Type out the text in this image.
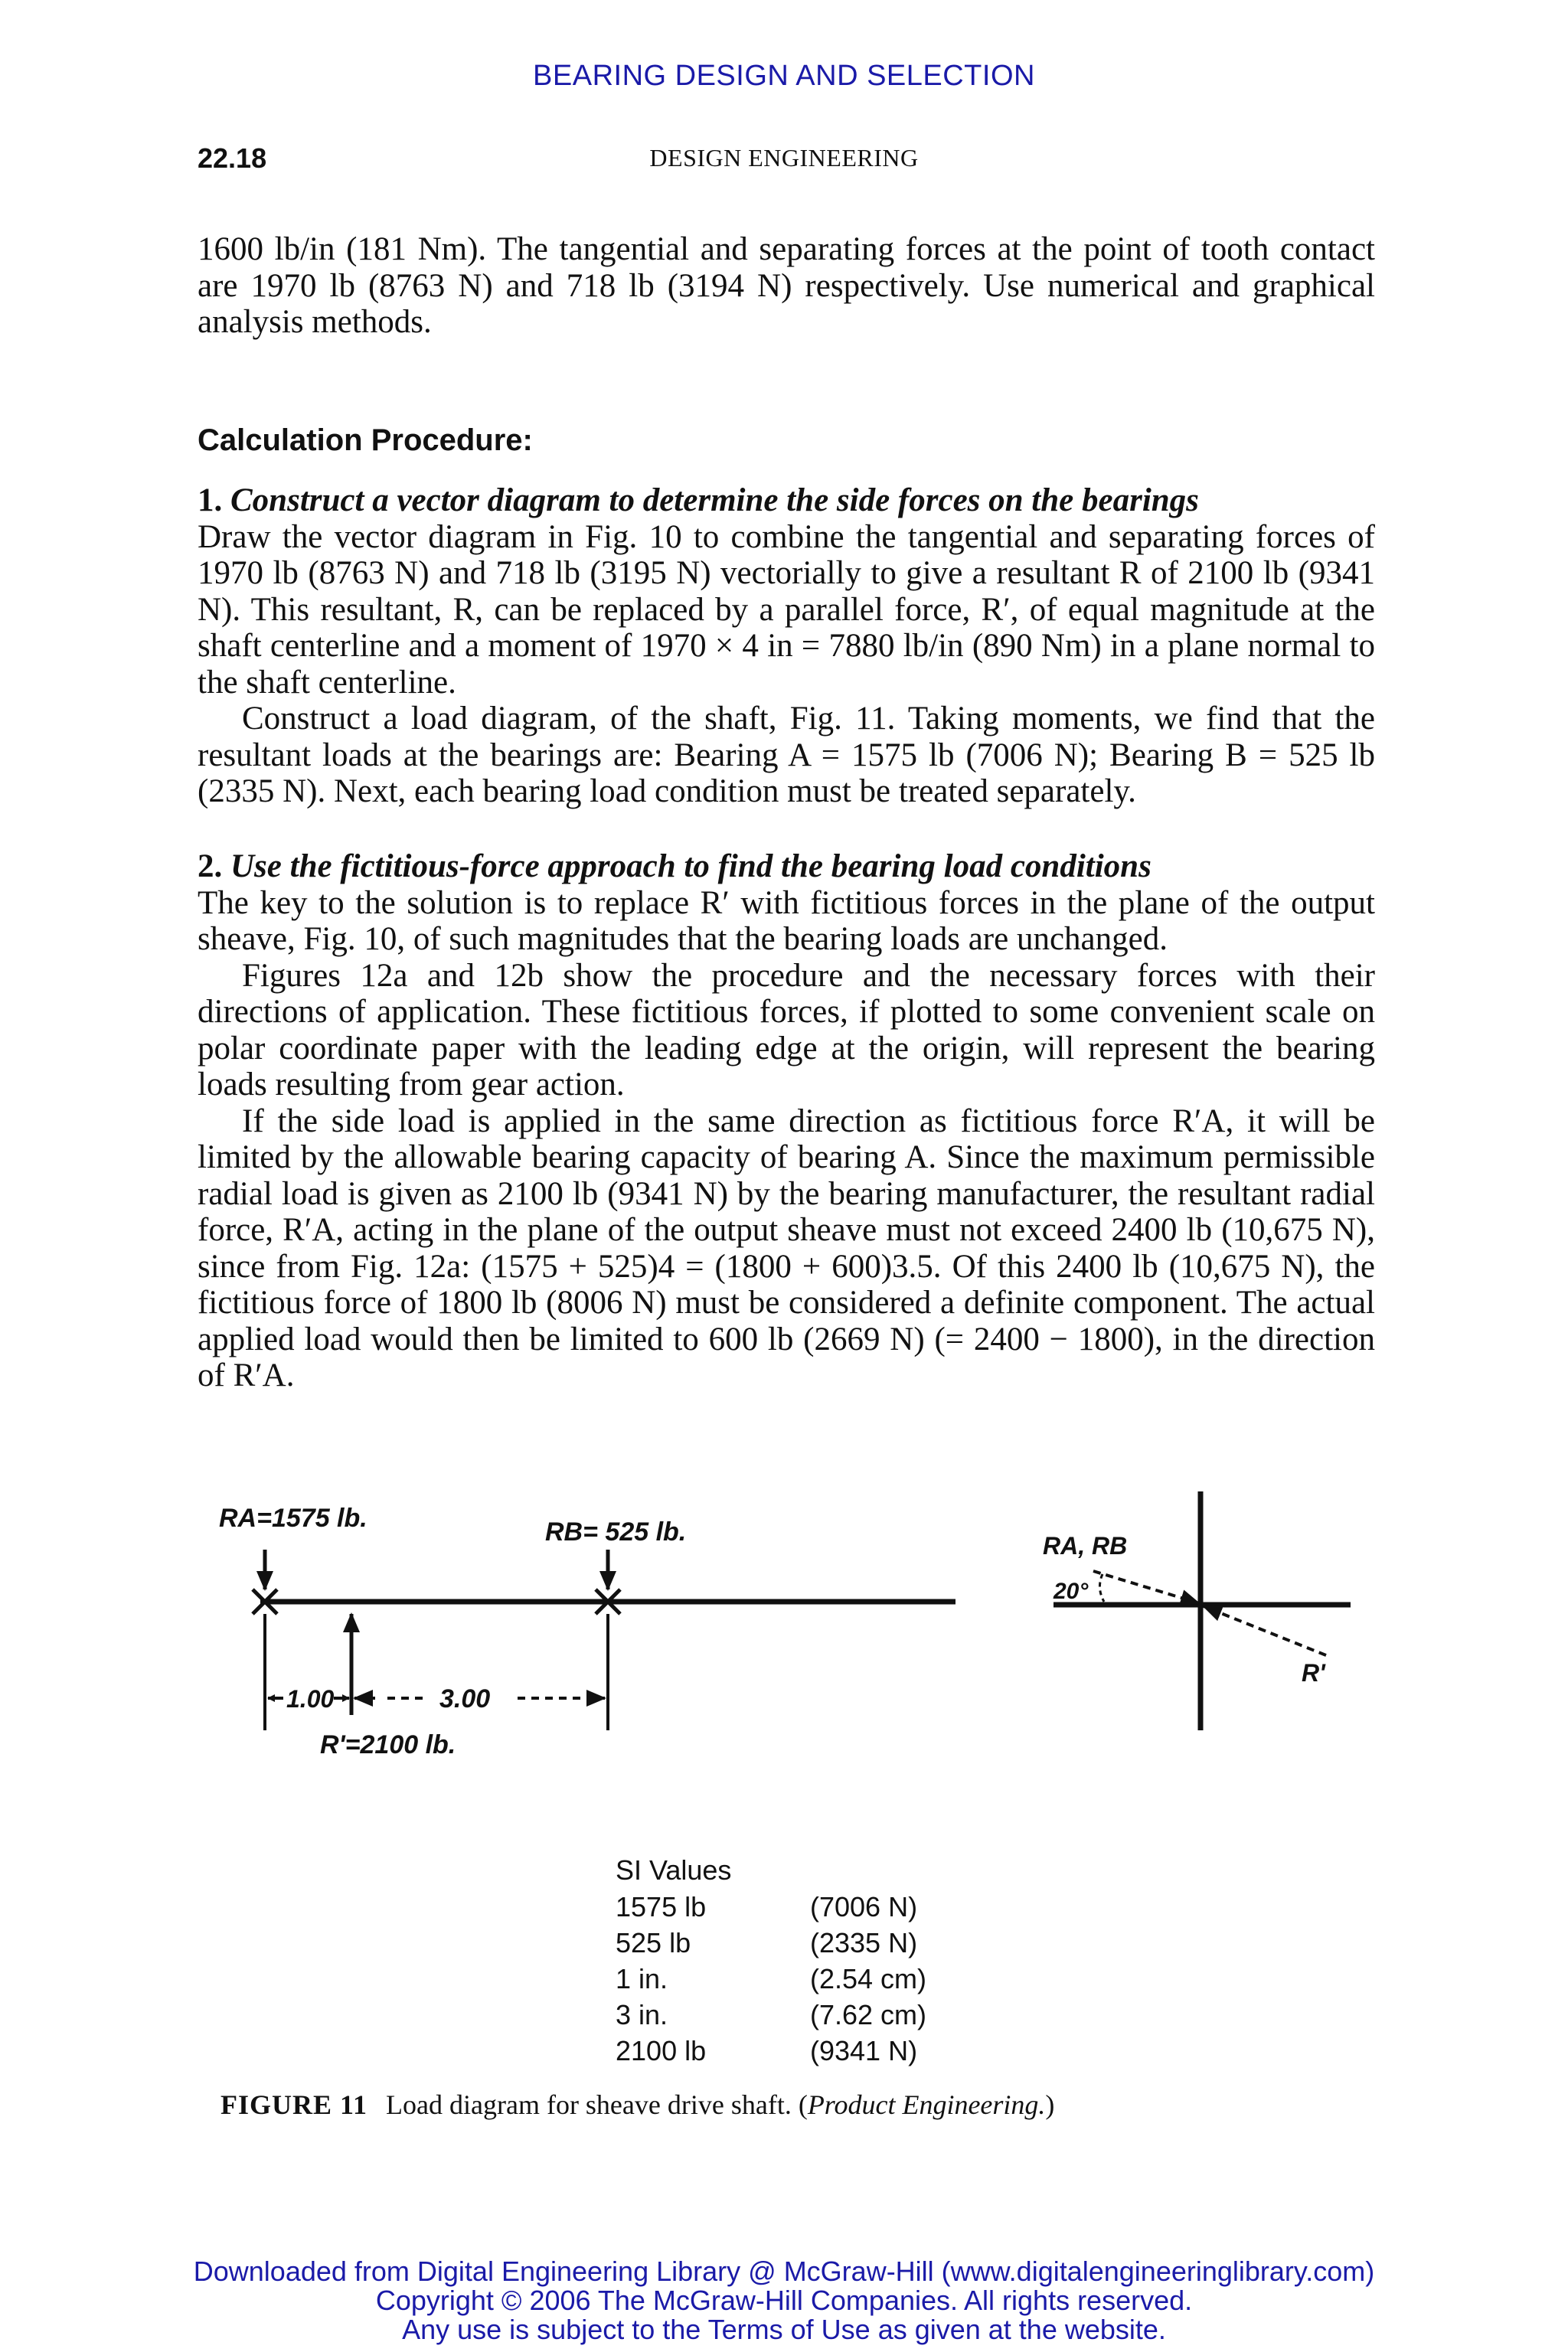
BEARING DESIGN AND SELECTION
22.18	DESIGN ENGINEERING

1600 lb/in (181 Nm). The tangential and separating forces at the point of tooth contact are 1970 lb (8763 N) and 718 lb (3194 N) respectively. Use numerical and graphical analysis methods.

Calculation Procedure:

1. Construct a vector diagram to determine the side forces on the bearings

Draw the vector diagram in Fig. 10 to combine the tangential and separating forces of 1970 lb (8763 N) and 718 lb (3195 N) vectorially to give a resultant R of 2100 lb (9341 N). This resultant, R, can be replaced by a parallel force, R′, of equal magnitude at the shaft centerline and a moment of 1970 × 4 in = 7880 lb/in (890 Nm) in a plane normal to the shaft centerline.

Construct a load diagram, of the shaft, Fig. 11. Taking moments, we find that the resultant loads at the bearings are: Bearing A = 1575 lb (7006 N); Bearing B = 525 lb (2335 N). Next, each bearing load condition must be treated separately.

2. Use the fictitious-force approach to find the bearing load conditions

The key to the solution is to replace R′ with fictitious forces in the plane of the output sheave, Fig. 10, of such magnitudes that the bearing loads are unchanged.

Figures 12a and 12b show the procedure and the necessary forces with their directions of application. These fictitious forces, if plotted to some convenient scale on polar coordinate paper with the leading edge at the origin, will represent the bearing loads resulting from gear action.

If the side load is applied in the same direction as fictitious force R′A, it will be limited by the allowable bearing capacity of bearing A. Since the maximum permissible radial load is given as 2100 lb (9341 N) by the bearing manufacturer, the resultant radial force, R′A, acting in the plane of the output sheave must not exceed 2400 lb (10,675 N), since from Fig. 12a: (1575 + 525)4 = (1800 + 600)3.5. Of this 2400 lb (10,675 N), the fictitious force of 1800 lb (8006 N) must be considered a definite component. The actual applied load would then be limited to 600 lb (2669 N) (= 2400 − 1800), in the direction of R′A.

RA=1575 lb.	RB= 525 lb.
1.00	3.00
R'=2100 lb.
RA, RB
20°
R'
SI Values
1575 lb	(7006 N)
525 lb	(2335 N)
1 in.	(2.54 cm)
3 in.	(7.62 cm)
2100 lb	(9341 N)
FIGURE 11 Load diagram for sheave drive shaft. (Product Engineering.)
Downloaded from Digital Engineering Library @ McGraw-Hill (www.digitalengineeringlibrary.com)
Copyright © 2006 The McGraw-Hill Companies. All rights reserved.
Any use is subject to the Terms of Use as given at the website.
